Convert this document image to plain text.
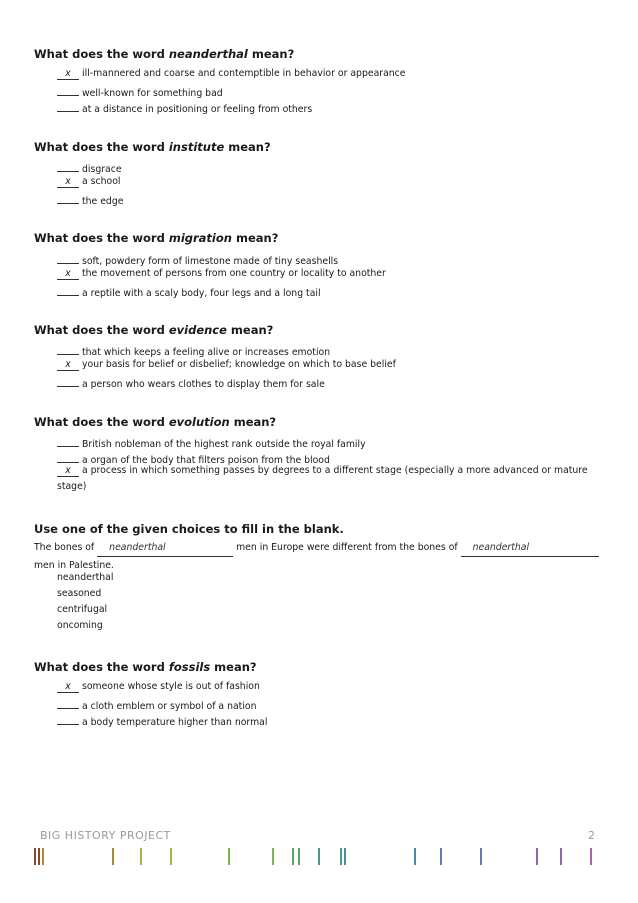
What does the word neanderthal mean?
x ill-mannered and coarse and contemptible in behavior or appearance
well-known for something bad
at a distance in positioning or feeling from others
What does the word institute mean?
disgrace
x a school
the edge
What does the word migration mean?
soft, powdery form of limestone made of tiny seashells
x the movement of persons from one country or locality to another
a reptile with a scaly body, four legs and a long tail
What does the word evidence mean?
that which keeps a feeling alive or increases emotion
x your basis for belief or disbelief; knowledge on which to base belief
a person who wears clothes to display them for sale
What does the word evolution mean?
British nobleman of the highest rank outside the royal family
a organ of the body that filters poison from the blood
x a process in which something passes by degrees to a different stage (especially a more advanced or mature stage)
Use one of the given choices to fill in the blank.
The bones of neanderthal	men in Europe were different from the bones of neanderthal
men in Palestine.
neanderthal
seasoned
centrifugal
oncoming
What does the word fossils mean?
x someone whose style is out of fashion
a cloth emblem or symbol of a nation
a body temperature higher than normal
BIG HISTORY PROJECT	2
